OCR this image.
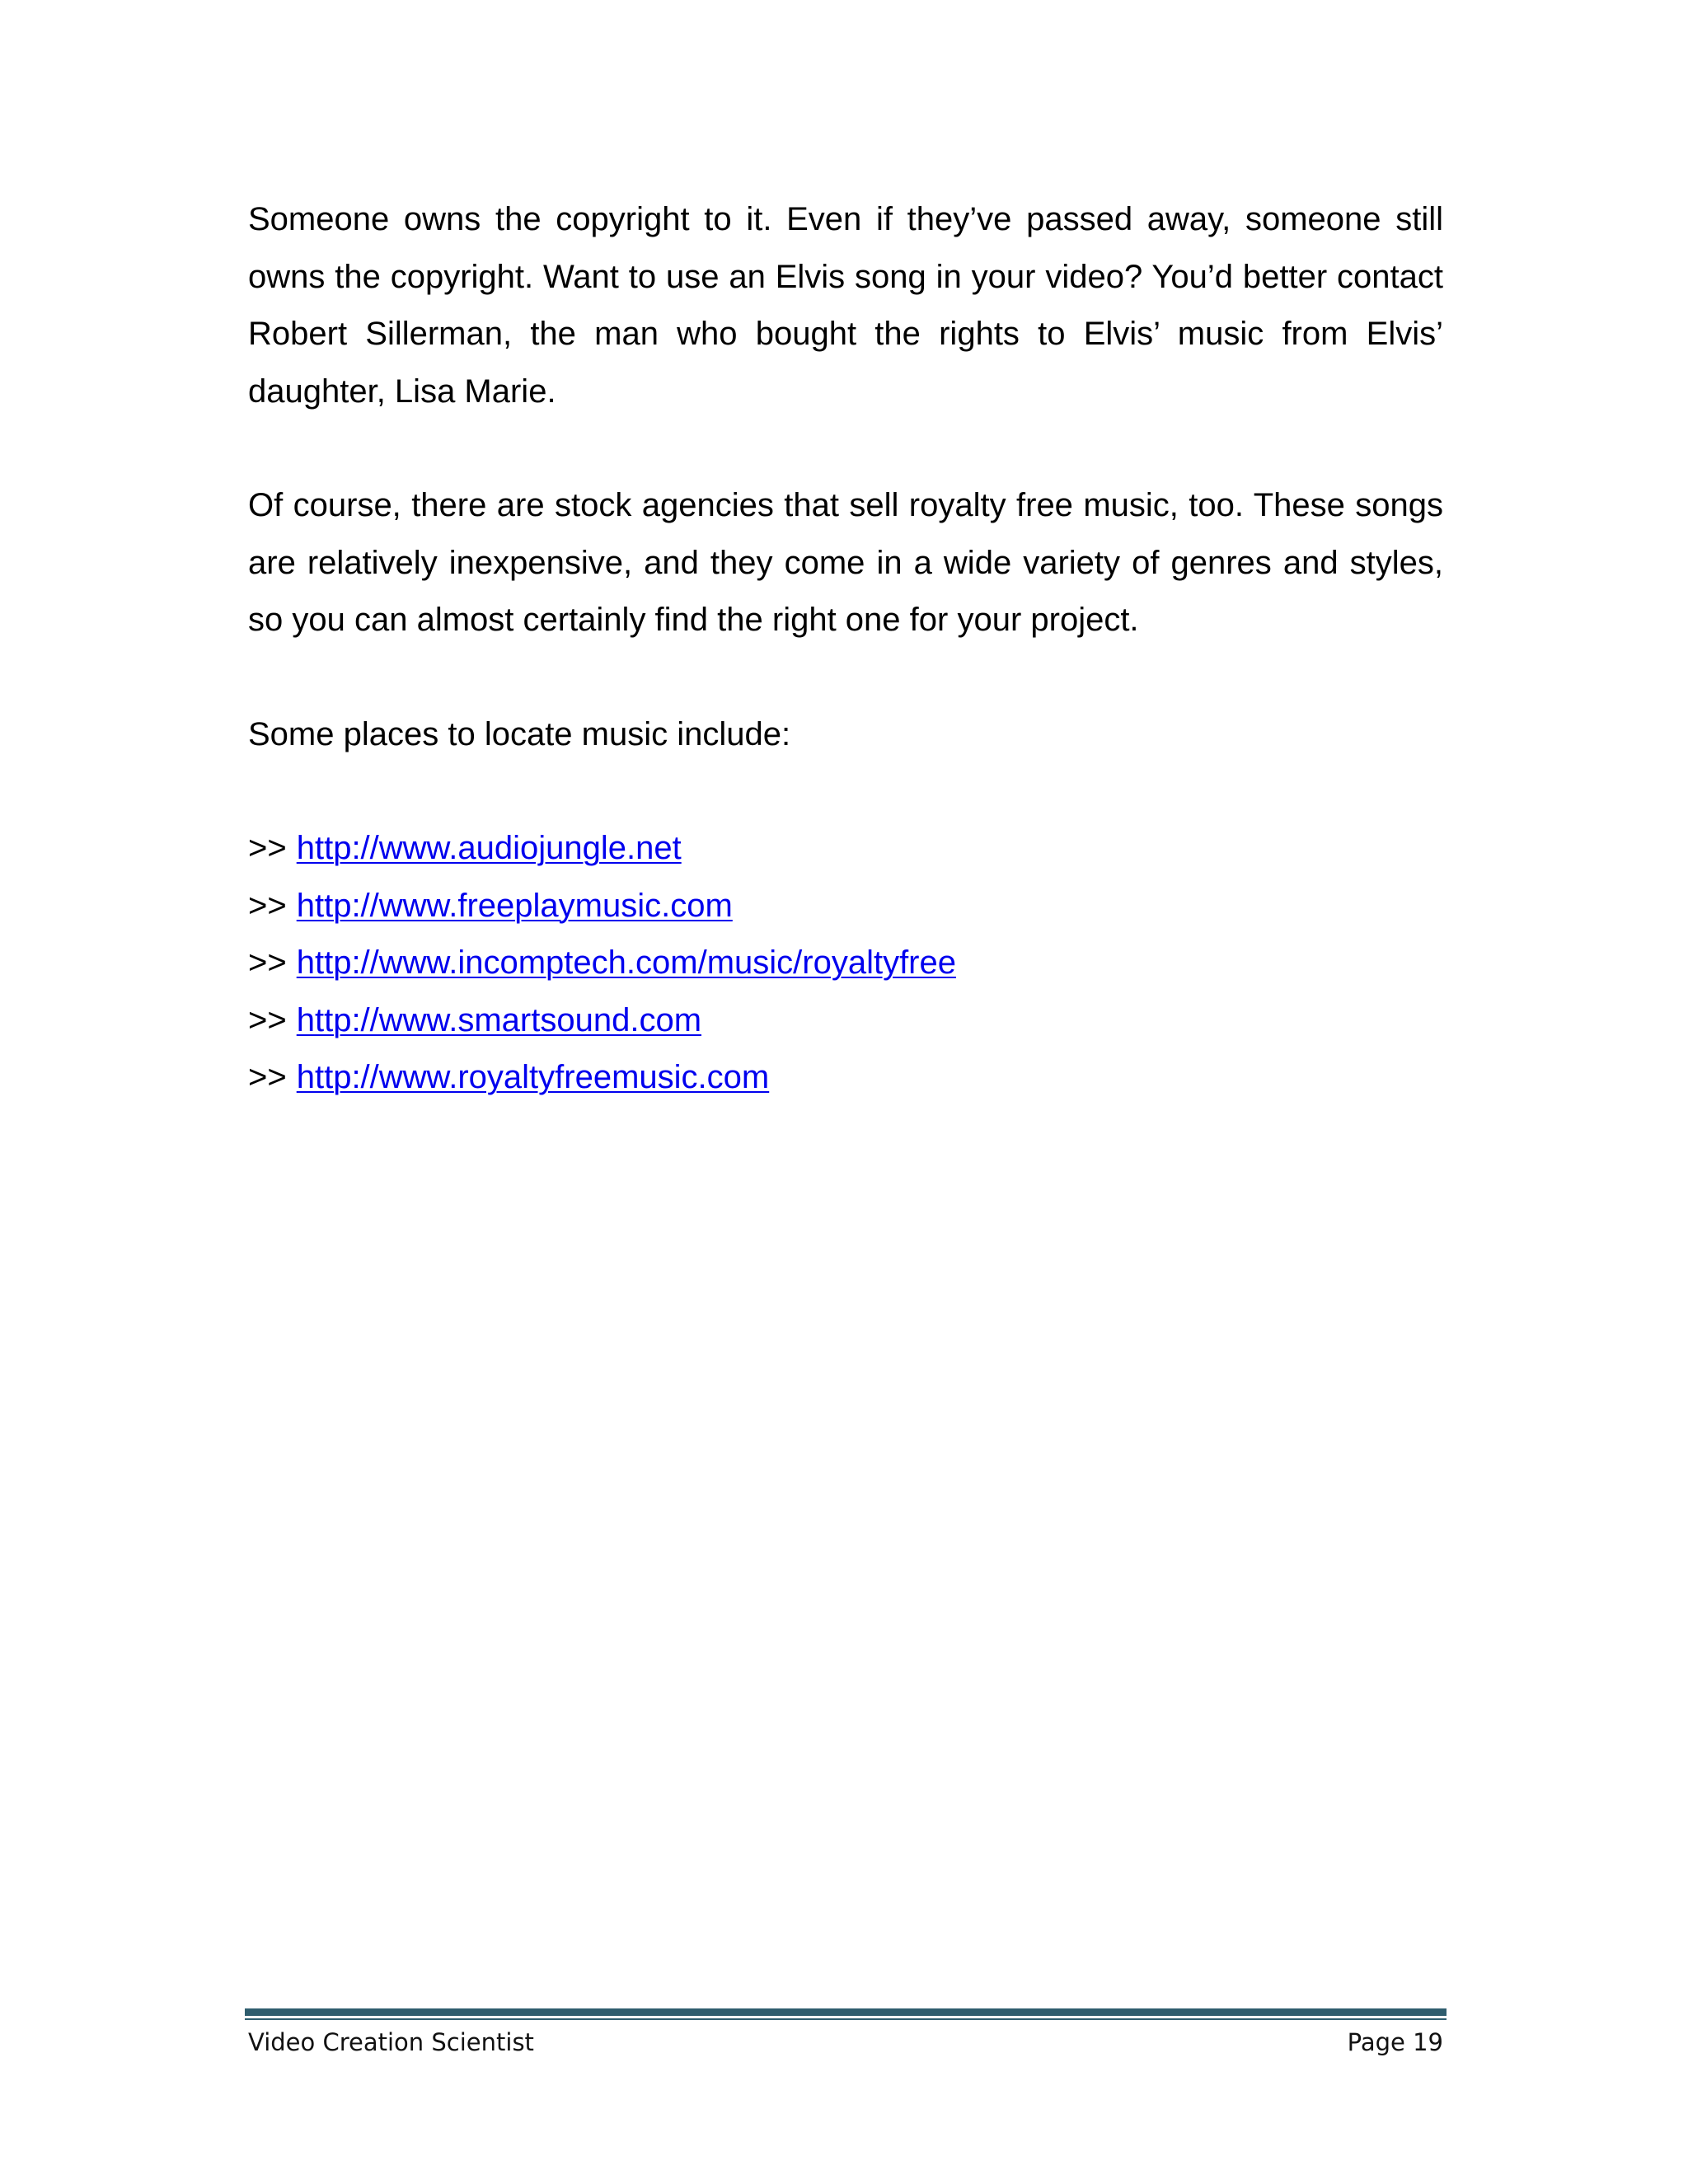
Someone owns the copyright to it. Even if they’ve passed away, someone still owns the copyright. Want to use an Elvis song in your video? You’d better contact Robert Sillerman, the man who bought the rights to Elvis’ music from Elvis’ daughter, Lisa Marie.

Of course, there are stock agencies that sell royalty free music, too. These songs are relatively inexpensive, and they come in a wide variety of genres and styles, so you can almost certainly find the right one for your project.

Some places to locate music include:

>> http://www.audiojungle.net
>> http://www.freeplaymusic.com
>> http://www.incomptech.com/music/royaltyfree
>> http://www.smartsound.com
>> http://www.royaltyfreemusic.com
Video Creation Scientist	Page 19
